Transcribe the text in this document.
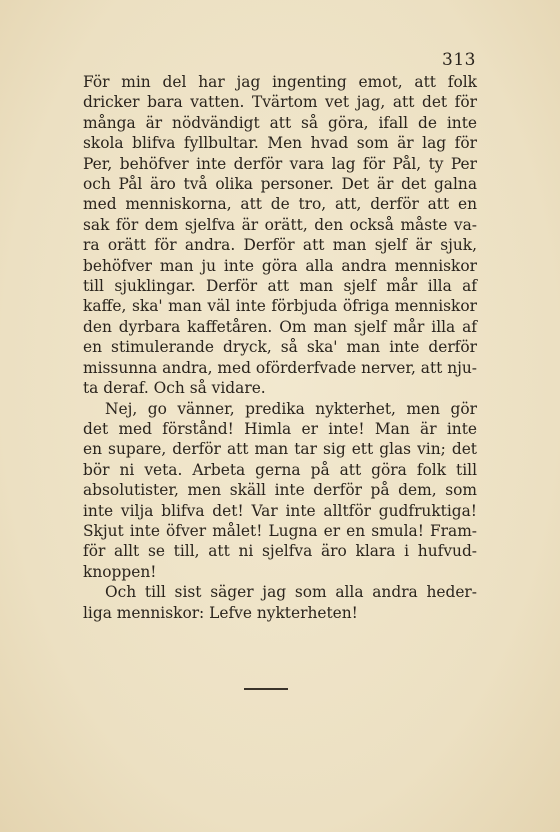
313
För min del har jag ingenting emot, att folk
dricker bara vatten. Tvärtom vet jag, att det för
många är nödvändigt att så göra, ifall de inte
skola blifva fyllbultar. Men hvad som är lag för
Per, behöfver inte derför vara lag för Pål, ty Per
och Pål äro två olika personer. Det är det galna
med menniskorna, att de tro, att, derför att en
sak för dem sjelfva är orätt, den också måste va-
ra orätt för andra. Derför att man sjelf är sjuk,
behöfver man ju inte göra alla andra menniskor
till sjuklingar. Derför att man sjelf mår illa af
kaffe, ska' man väl inte förbjuda öfriga menniskor
den dyrbara kaffetåren. Om man sjelf mår illa af
en stimulerande dryck, så ska' man inte derför
missunna andra, med oförderfvade nerver, att nju-
ta deraf. Och så vidare.
Nej, go vänner, predika nykterhet, men gör
det med förstånd! Himla er inte! Man är inte
en supare, derför att man tar sig ett glas vin; det
bör ni veta. Arbeta gerna på att göra folk till
absolutister, men skäll inte derför på dem, som
inte vilja blifva det! Var inte alltför gudfruktiga!
Skjut inte öfver målet! Lugna er en smula! Fram-
för allt se till, att ni sjelfva äro klara i hufvud-
knoppen!
Och till sist säger jag som alla andra heder-
liga menniskor: Lefve nykterheten!
